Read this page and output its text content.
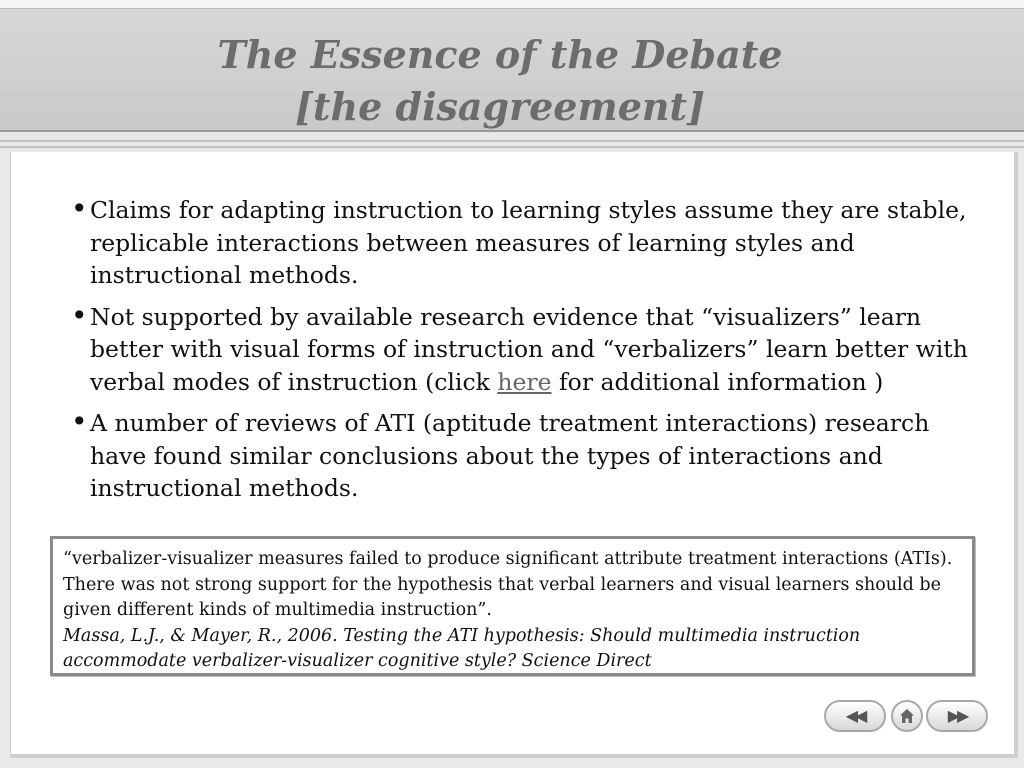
The Essence of the Debate
[the disagreement]
• Claims for adapting instruction to learning styles assume they are stable, replicable interactions between measures of learning styles and instructional methods.
• Not supported by available research evidence that “visualizers” learn better with visual forms of instruction and “verbalizers” learn better with verbal modes of instruction (click here for additional information )
• A number of reviews of ATI (aptitude treatment interactions) research have found similar conclusions about the types of interactions and instructional methods.
“verbalizer-visualizer measures failed to produce significant attribute treatment interactions (ATIs). There was not strong support for the hypothesis that verbal learners and visual learners should be given different kinds of multimedia instruction”.
Massa, L.J., & Mayer, R., 2006. Testing the ATI hypothesis: Should multimedia instruction accommodate verbalizer-visualizer cognitive style? Science Direct
◀◀	▶▶
